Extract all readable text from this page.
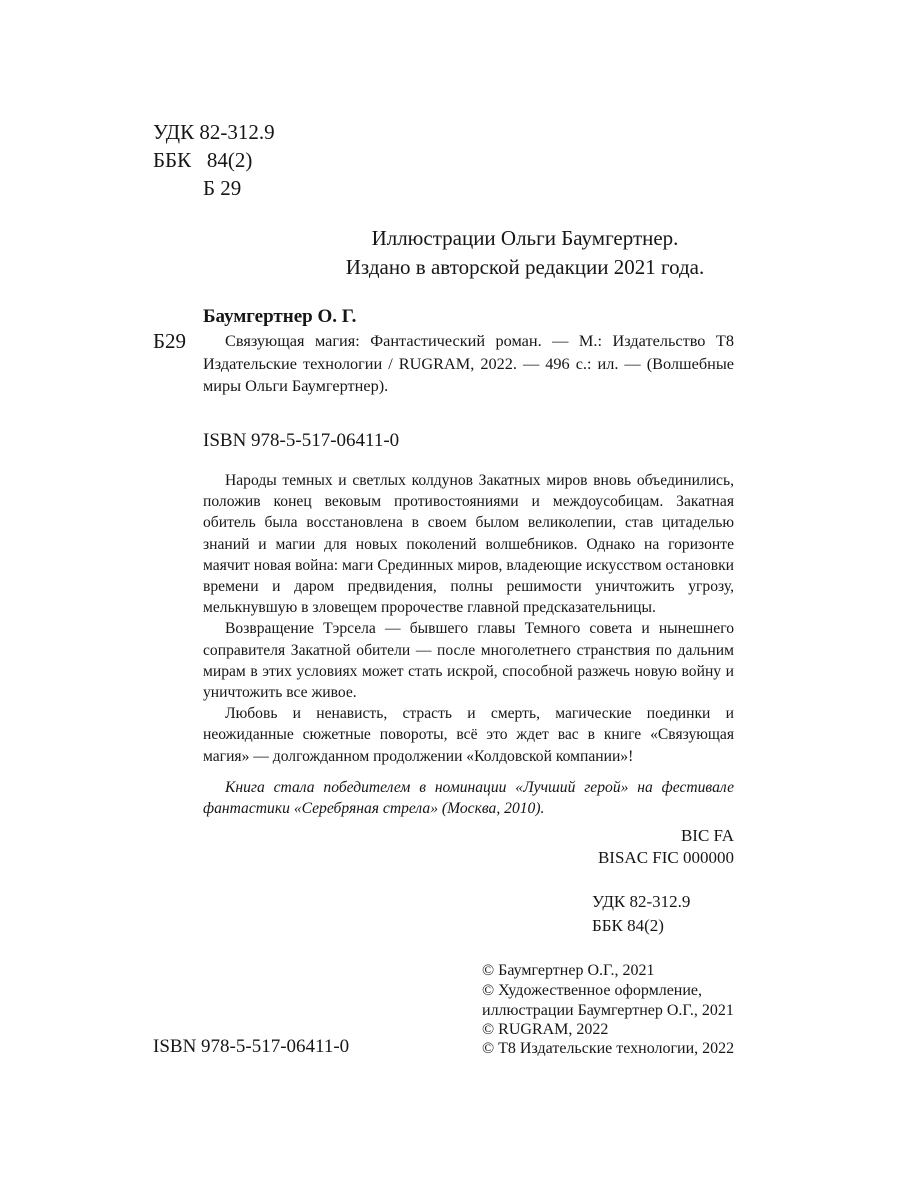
УДК 82-312.9
ББК   84(2)
Б 29
Иллюстрации Ольги Баумгертнер.
Издано в авторской редакции 2021 года.
Баумгертнер О. Г.
Б29	Связующая магия: Фантастический роман. — М.: Издательство Т8 Издательские технологии / RUGRAM, 2022. — 496 с.: ил. — (Волшебные миры Ольги Баумгертнер).
ISBN 978-5-517-06411-0

Народы темных и светлых колдунов Закатных миров вновь объединились, положив конец вековым противостояниями и междоусобицам. Закатная обитель была восстановлена в своем былом великолепии, став цитаделью знаний и магии для новых поколений волшебников. Однако на горизонте маячит новая война: маги Срединных миров, владеющие искусством остановки времени и даром предвидения, полны решимости уничтожить угрозу, мелькнувшую в зловещем пророчестве главной предсказательницы.

Возвращение Тэрсела — бывшего главы Темного совета и нынешнего соправителя Закатной обители — после многолетнего странствия по дальним мирам в этих условиях может стать искрой, способной разжечь новую войну и уничтожить все живое.

Любовь и ненависть, страсть и смерть, магические поединки и неожиданные сюжетные повороты, всё это ждет вас в книге «Связующая магия» — долгожданном продолжении «Колдовской компании»!

Книга стала победителем в номинации «Лучший герой» на фестивале фантастики «Серебряная стрела» (Москва, 2010).

BIC FA
BISAC FIC 000000
УДК 82-312.9
ББК 84(2)
ISBN 978-5-517-06411-0
© Баумгертнер О.Г., 2021
© Художественное оформление,
иллюстрации Баумгертнер О.Г., 2021
© RUGRAM, 2022
© Т8 Издательские технологии, 2022
